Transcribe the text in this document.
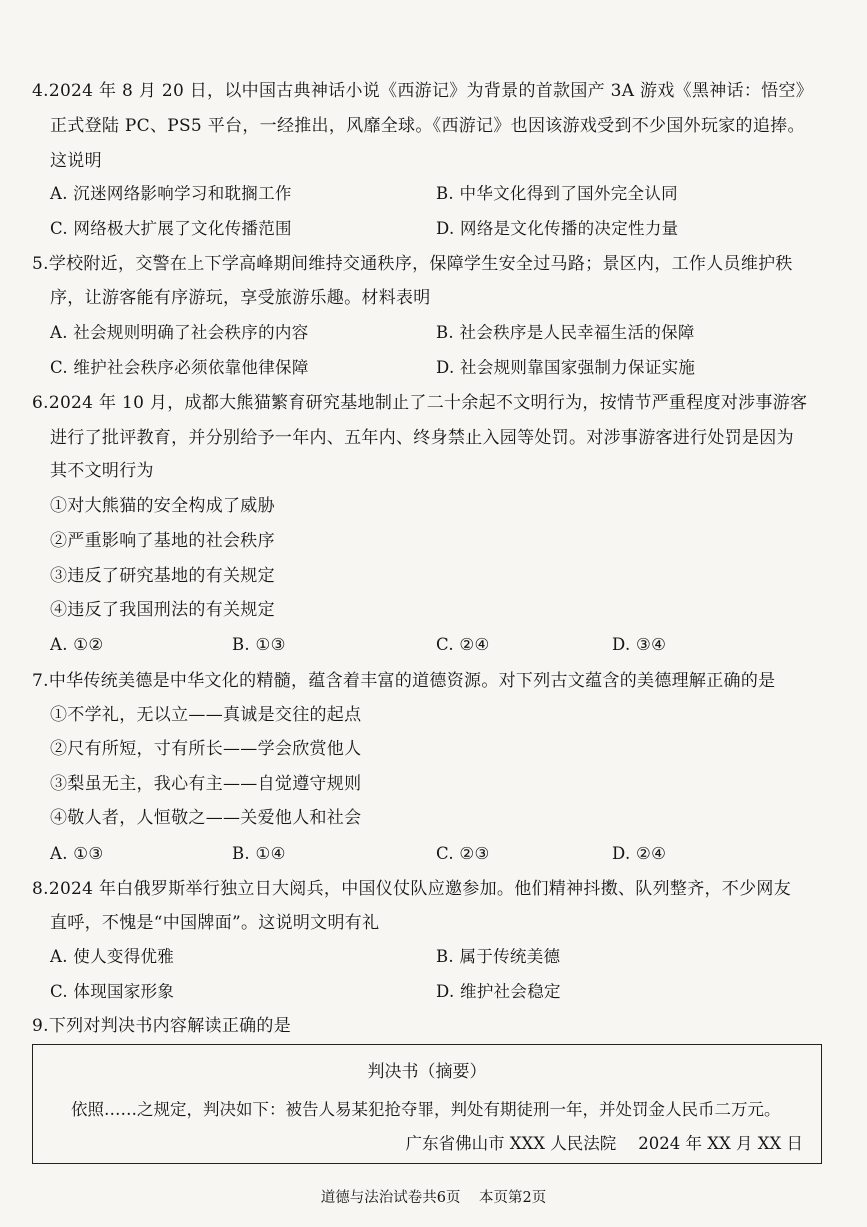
4.2024 年 8 月 20 日，以中国古典神话小说《西游记》为背景的首款国产 3A 游戏《黑神话：悟空》
正式登陆 PC、PS5 平台，一经推出，风靡全球。《西游记》也因该游戏受到不少国外玩家的追捧。
这说明
A. 沉迷网络影响学习和耽搁工作	B. 中华文化得到了国外完全认同
C. 网络极大扩展了文化传播范围	D. 网络是文化传播的决定性力量
5.学校附近，交警在上下学高峰期间维持交通秩序，保障学生安全过马路；景区内，工作人员维护秩
序，让游客能有序游玩，享受旅游乐趣。材料表明
A. 社会规则明确了社会秩序的内容	B. 社会秩序是人民幸福生活的保障
C. 维护社会秩序必须依靠他律保障	D. 社会规则靠国家强制力保证实施
6.2024 年 10 月，成都大熊猫繁育研究基地制止了二十余起不文明行为，按情节严重程度对涉事游客
进行了批评教育，并分别给予一年内、五年内、终身禁止入园等处罚。对涉事游客进行处罚是因为
其不文明行为
①对大熊猫的安全构成了威胁
②严重影响了基地的社会秩序
③违反了研究基地的有关规定
④违反了我国刑法的有关规定
A. ①②	B. ①③	C. ②④	D. ③④
7.中华传统美德是中华文化的精髓，蕴含着丰富的道德资源。对下列古文蕴含的美德理解正确的是
①不学礼，无以立——真诚是交往的起点
②尺有所短，寸有所长——学会欣赏他人
③梨虽无主，我心有主——自觉遵守规则
④敬人者，人恒敬之——关爱他人和社会
A. ①③	B. ①④	C. ②③	D. ②④
8.2024 年白俄罗斯举行独立日大阅兵，中国仪仗队应邀参加。他们精神抖擞、队列整齐，不少网友
直呼，不愧是“中国牌面”。这说明文明有礼
A. 使人变得优雅	B. 属于传统美德
C. 体现国家形象	D. 维护社会稳定
9.下列对判决书内容解读正确的是
判决书（摘要）
依照……之规定，判决如下：被告人易某犯抢夺罪，判处有期徒刑一年，并处罚金人民币二万元。
广东省佛山市 XXX 人民法院 2024 年 XX 月 XX 日
道德与法治试卷共6页 本页第2页
